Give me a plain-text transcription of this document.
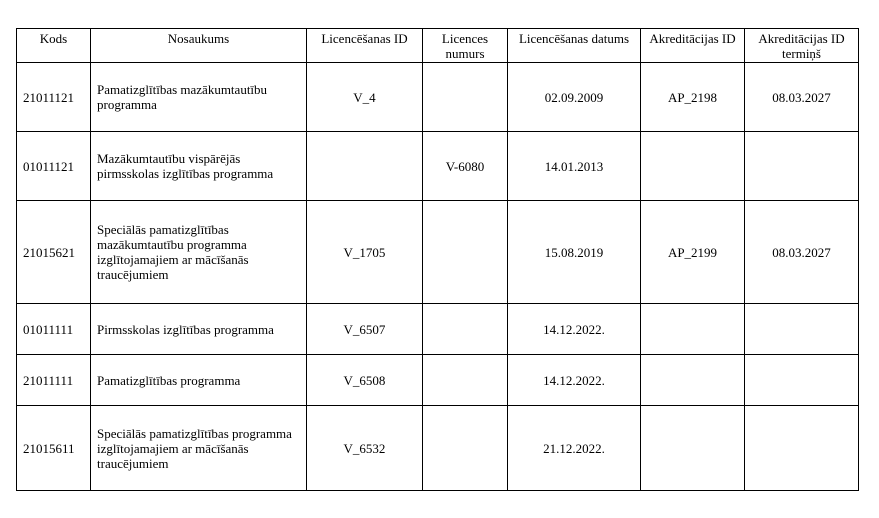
Kods	Nosaukums	Licencēšanas ID	Licences numurs	Licencēšanas datums	Akreditācijas ID	Akreditācijas ID termiņš
21011121	Pamatizglītības mazākumtautību programma	V_4		02.09.2009	AP_2198	08.03.2027
01011121	Mazākumtautību vispārējās pirmsskolas izglītības programma		V-6080	14.01.2013		
21015621	Speciālās pamatizglītības mazākumtautību programma izglītojamajiem ar mācīšanās traucējumiem	V_1705		15.08.2019	AP_2199	08.03.2027
01011111	Pirmsskolas izglītības programma	V_6507		14.12.2022.		
21011111	Pamatizglītības programma	V_6508		14.12.2022.		
21015611	Speciālās pamatizglītības programma izglītojamajiem ar mācīšanās traucējumiem	V_6532		21.12.2022.		
